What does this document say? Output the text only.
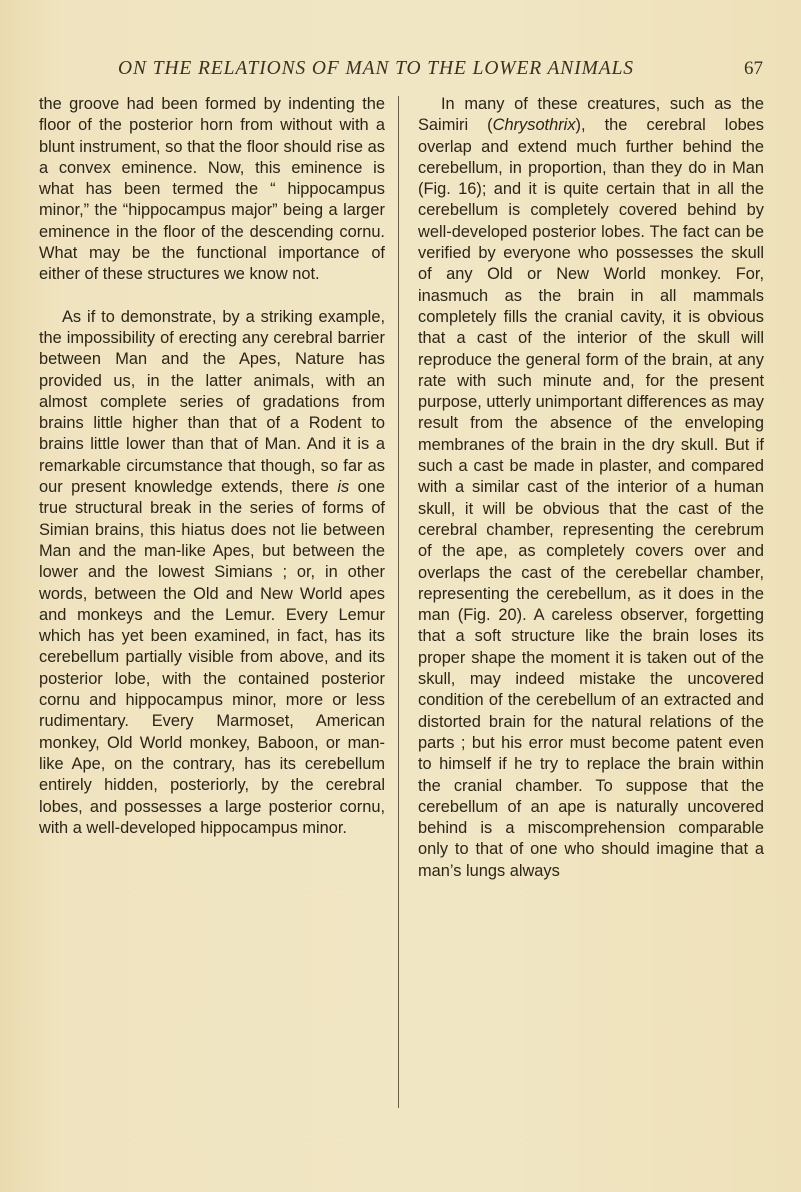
ON THE RELATIONS OF MAN TO THE LOWER ANIMALS	67

the groove had been formed by indenting the floor of the posterior horn from without with a blunt instrument, so that the floor should rise as a convex eminence. Now, this eminence is what has been termed the “ hippocampus minor,” the “hippocampus major” being a larger eminence in the floor of the descending cornu. What may be the functional importance of either of these structures we know not.

As if to demonstrate, by a striking example, the impossibility of erecting any cerebral barrier between Man and the Apes, Nature has provided us, in the latter animals, with an almost complete series of gradations from brains little higher than that of a Rodent to brains little lower than that of Man. And it is a remarkable circumstance that though, so far as our present knowledge extends, there is one true structural break in the series of forms of Simian brains, this hiatus does not lie between Man and the man-like Apes, but between the lower and the lowest Simians ; or, in other words, between the Old and New World apes and monkeys and the Lemur. Every Lemur which has yet been examined, in fact, has its cerebellum partially visible from above, and its posterior lobe, with the contained posterior cornu and hippocampus minor, more or less rudimentary. Every Marmoset, American monkey, Old World monkey, Baboon, or man-like Ape, on the contrary, has its cerebellum entirely hidden, posteriorly, by the cerebral lobes, and possesses a large posterior cornu, with a well-developed hippocampus minor.

In many of these creatures, such as the Saimiri (Chrysothrix), the cerebral lobes overlap and extend much further behind the cerebellum, in proportion, than they do in Man (Fig. 16); and it is quite certain that in all the cerebellum is completely covered behind by well-developed posterior lobes. The fact can be verified by everyone who possesses the skull of any Old or New World monkey. For, inasmuch as the brain in all mammals completely fills the cranial cavity, it is obvious that a cast of the interior of the skull will reproduce the general form of the brain, at any rate with such minute and, for the present purpose, utterly unimportant differences as may result from the absence of the enveloping membranes of the brain in the dry skull. But if such a cast be made in plaster, and compared with a similar cast of the interior of a human skull, it will be obvious that the cast of the cerebral chamber, representing the cerebrum of the ape, as completely covers over and overlaps the cast of the cerebellar chamber, representing the cerebellum, as it does in the man (Fig. 20). A careless observer, forgetting that a soft structure like the brain loses its proper shape the moment it is taken out of the skull, may indeed mistake the uncovered condition of the cerebellum of an extracted and distorted brain for the natural relations of the parts ; but his error must become patent even to himself if he try to replace the brain within the cranial chamber. To suppose that the cerebellum of an ape is naturally uncovered behind is a miscomprehension comparable only to that of one who should imagine that a man’s lungs always
